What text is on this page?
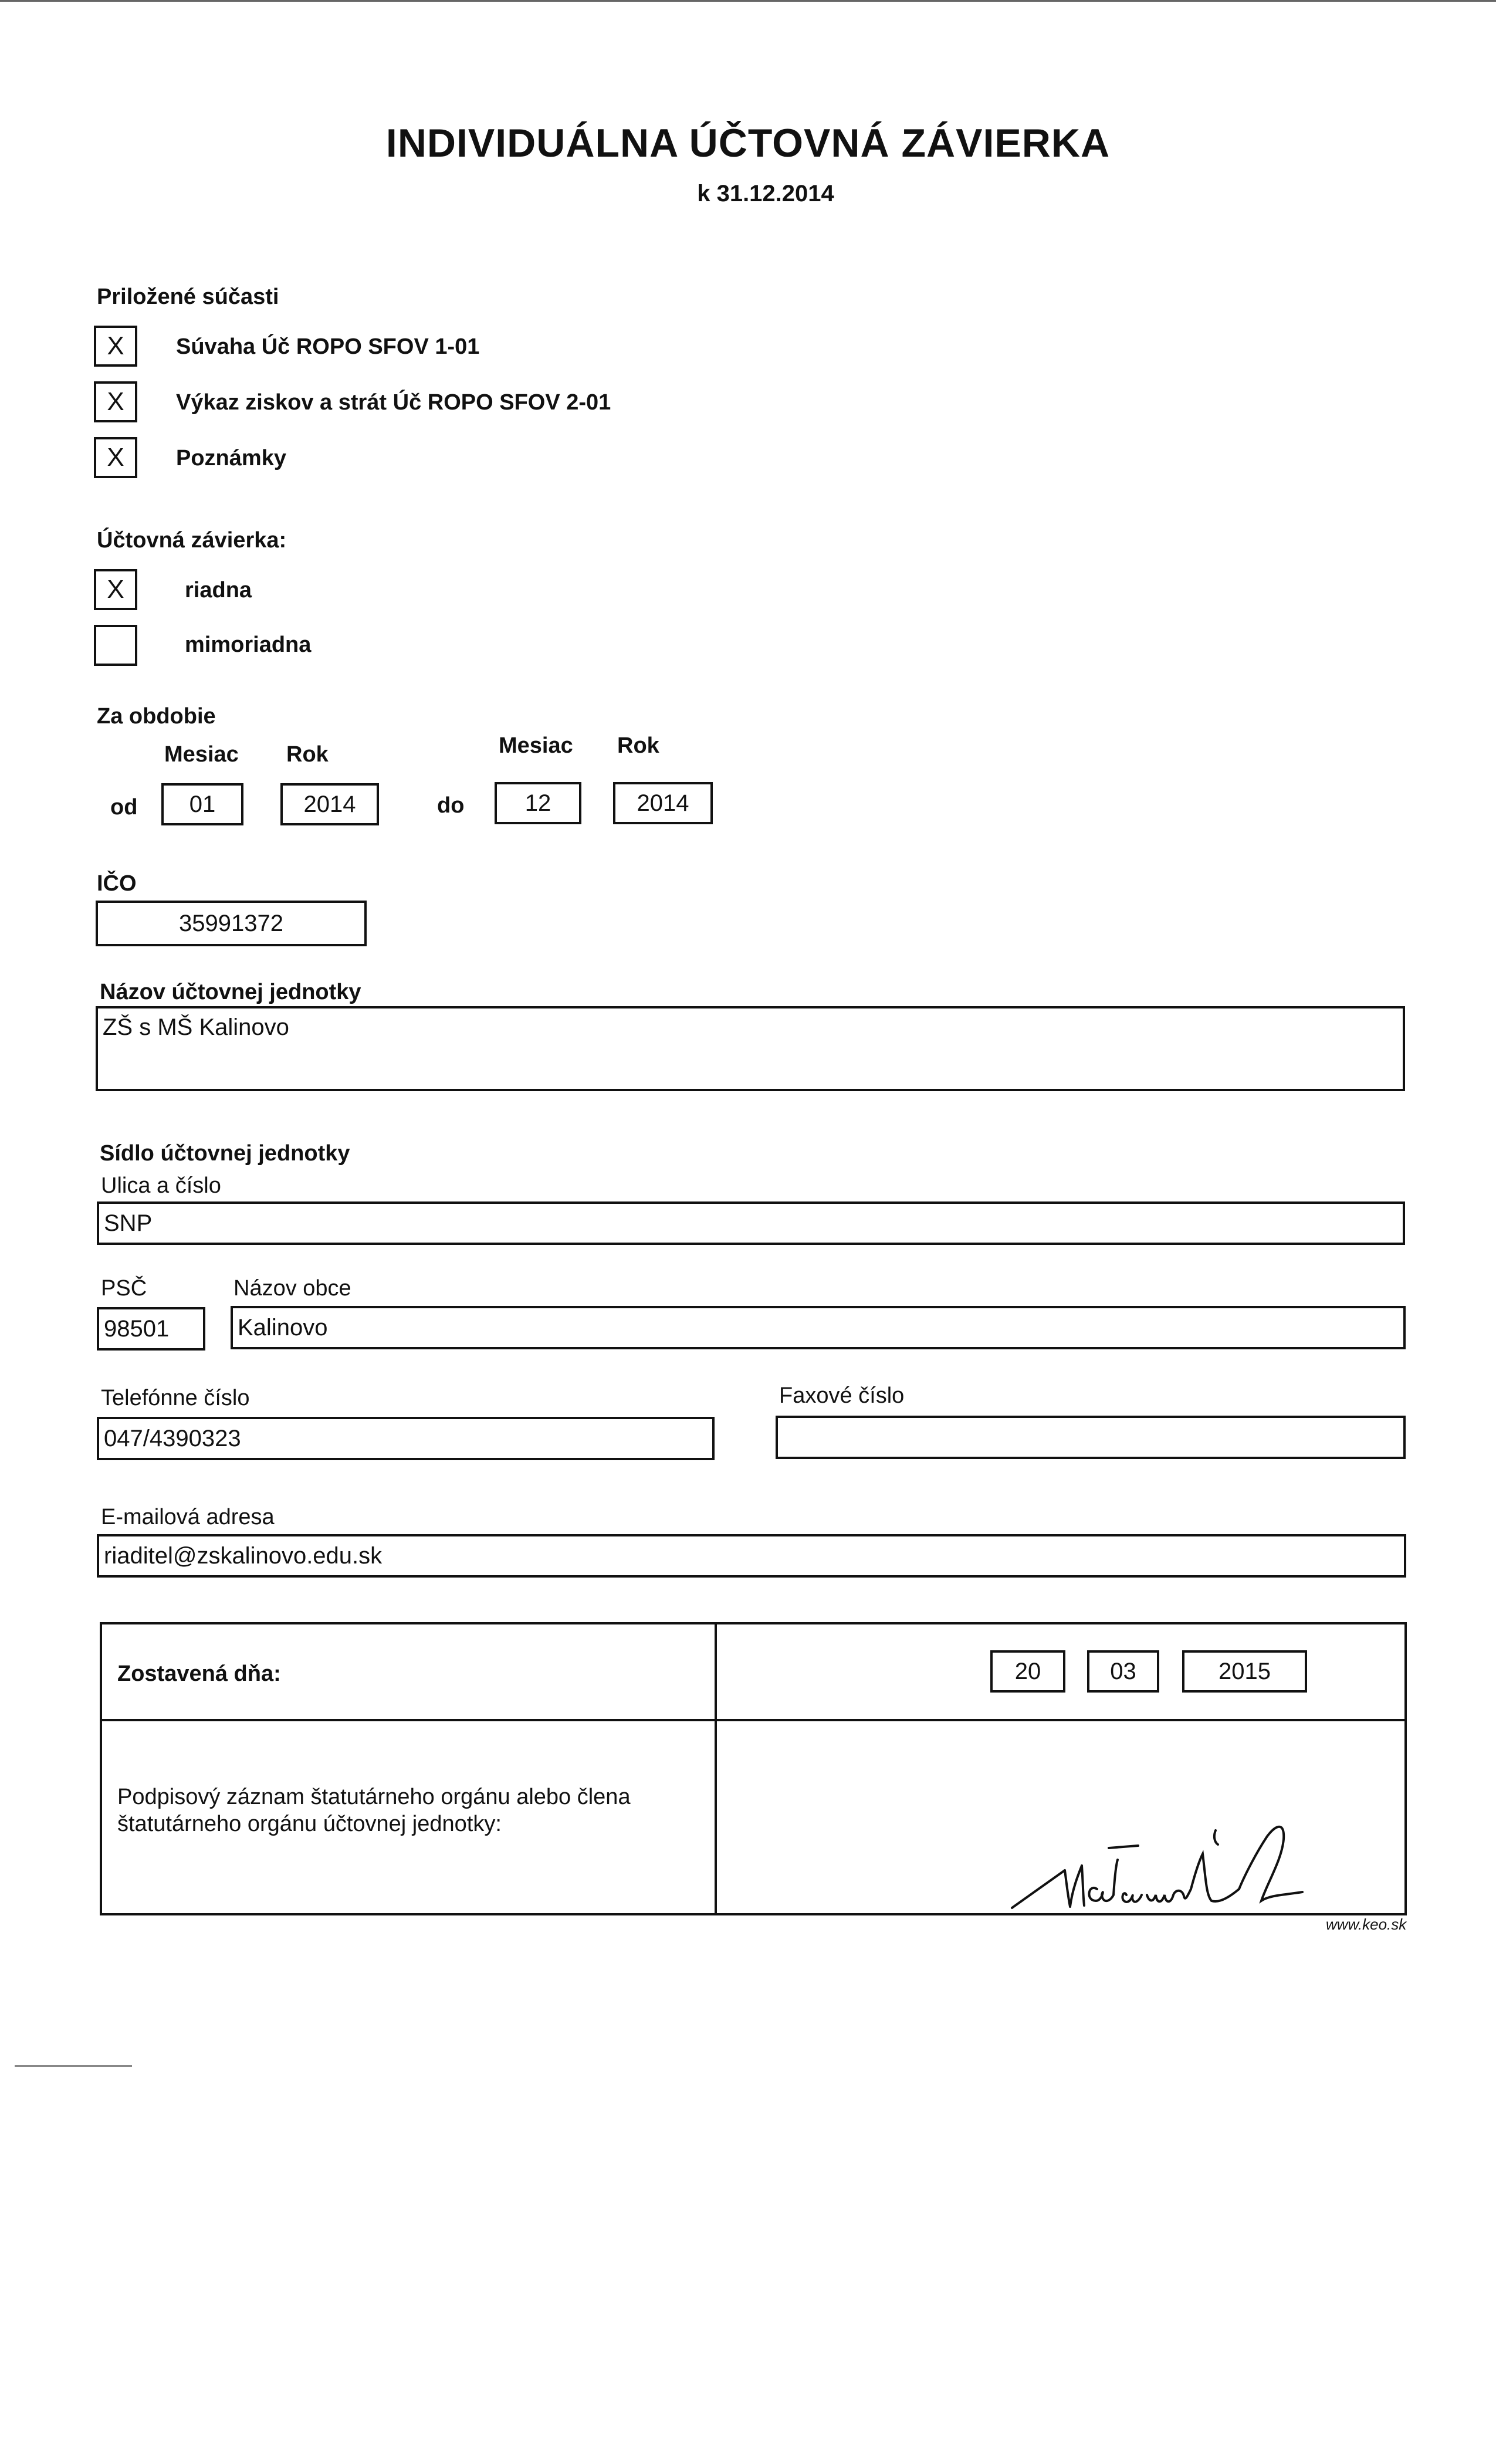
INDIVIDUÁLNA ÚČTOVNÁ ZÁVIERKA
k 31.12.2014
Priložené súčasti
X	Súvaha Úč ROPO SFOV 1-01
X	Výkaz ziskov a strát Úč ROPO SFOV 2-01
X	Poznámky
Účtovná závierka:
X	riadna
mimoriadna
Za obdobie
Mesiac Rok	Mesiac Rok
od	01	2014	do	12	2014
IČO
35991372
Názov účtovnej jednotky
ZŠ s MŠ Kalinovo
Sídlo účtovnej jednotky
Ulica a číslo
SNP
PSČ
98501
Názov obce
Kalinovo
Telefónne číslo
047/4390323
Faxové číslo
E-mailová adresa
riaditel@zskalinovo.edu.sk
Zostavená dňa:	20	03	2015
Podpisový záznam štatutárneho orgánu alebo člena štatutárneho orgánu účtovnej jednotky:
www.keo.sk
